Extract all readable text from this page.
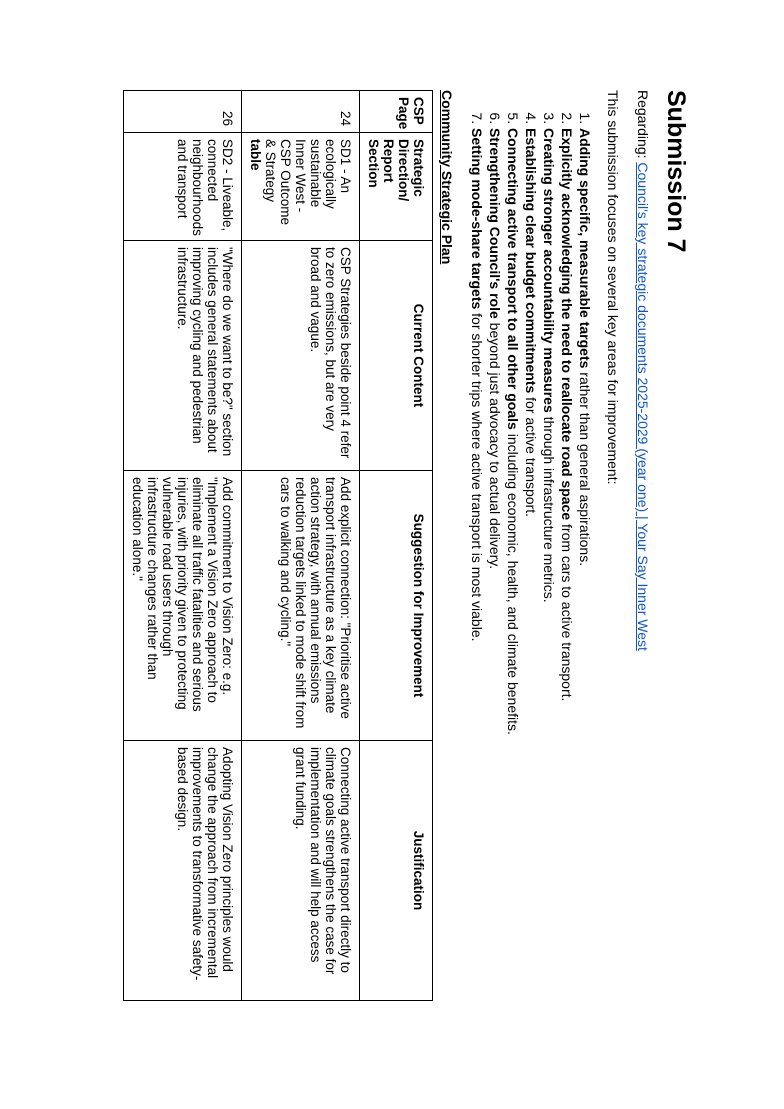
Submission 7

Regarding: Council's key strategic documents 2025-2029 (year one) | Your Say Inner West

This submission focuses on several key areas for improvement:

1. Adding specific, measurable targets rather than general aspirations.
2. Explicitly acknowledging the need to reallocate road space from cars to active transport.
3. Creating stronger accountability measures through infrastructure metrics.
4. Establishing clear budget commitments for active transport.
5. Connecting active transport to all other goals including economic, health, and climate benefits.
6. Strengthening Council's role beyond just advocacy to actual delivery.
7. Setting mode-share targets for shorter trips where active transport is most viable.
Community Strategic Plan
CSP Page	Strategic Direction/ Report Section	Current Content	Suggestion for Improvement	Justification
24	SD1 - An ecologically sustainable Inner West - CSP Outcome & Strategy table	CSP Strategies beside point 4 refer to zero emissions, but are very broad and vague.	Add explicit connection: "Prioritise active transport infrastructure as a key climate action strategy, with annual emissions reduction targets linked to mode shift from cars to walking and cycling."	Connecting active transport directly to climate goals strengthens the case for implementation and will help access grant funding.
26	SD2 - Liveable, connected neighbourhoods and transport	"Where do we want to be?" section includes general statements about improving cycling and pedestrian infrastructure.	Add commitment to Vision Zero: e.g. "Implement a Vision Zero approach to eliminate all traffic fatalities and serious injuries, with priority given to protecting vulnerable road users through infrastructure changes rather than education alone."	Adopting Vision Zero principles would change the approach from incremental improvements to transformative safety-based design.
